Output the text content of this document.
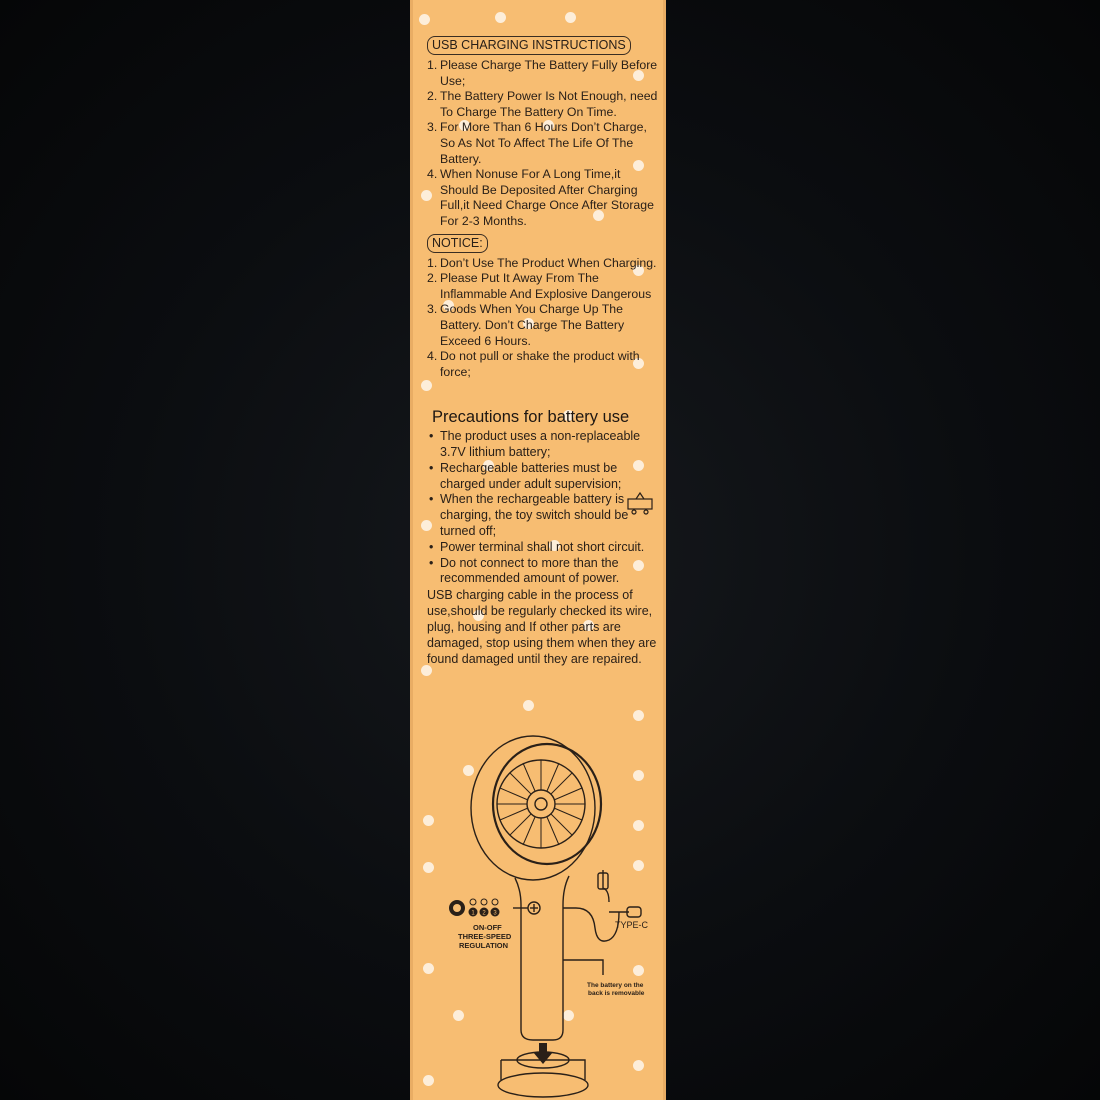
USB CHARGING INSTRUCTIONS
1. Please Charge The Battery Fully Before Use;
2. The Battery Power Is Not Enough, need To Charge The Battery On Time.
3. For More Than 6 Hours Don’t Charge, So As Not To Affect The Life Of The Battery.
4. When Nonuse For A Long Time,it Should Be Deposited After Charging Full,it Need Charge Once After Storage For 2-3 Months.
NOTICE:
1. Don’t Use The Product When Charging.
2. Please Put It Away From The Inflammable And Explosive Dangerous
3. Goods When You Charge Up The Battery. Don’t Charge The Battery Exceed 6 Hours.
4. Do not pull or shake the product with force;
Precautions for battery use
• The product uses a non-replaceable 3.7V lithium battery;
• Rechargeable batteries must be charged under adult supervision;
• When the rechargeable battery is charging, the toy switch should be turned off;
• Power terminal shall not short circuit.
• Do not connect to more than the recommended amount of power.
USB charging cable in the process of use,should be regularly checked its wire, plug, housing and If other parts are damaged, stop using them when they are found damaged until they are repaired.
1 2 3
ON-OFF
THREE-SPEED
REGULATION
The battery on the
back is removable
TYPE-C
